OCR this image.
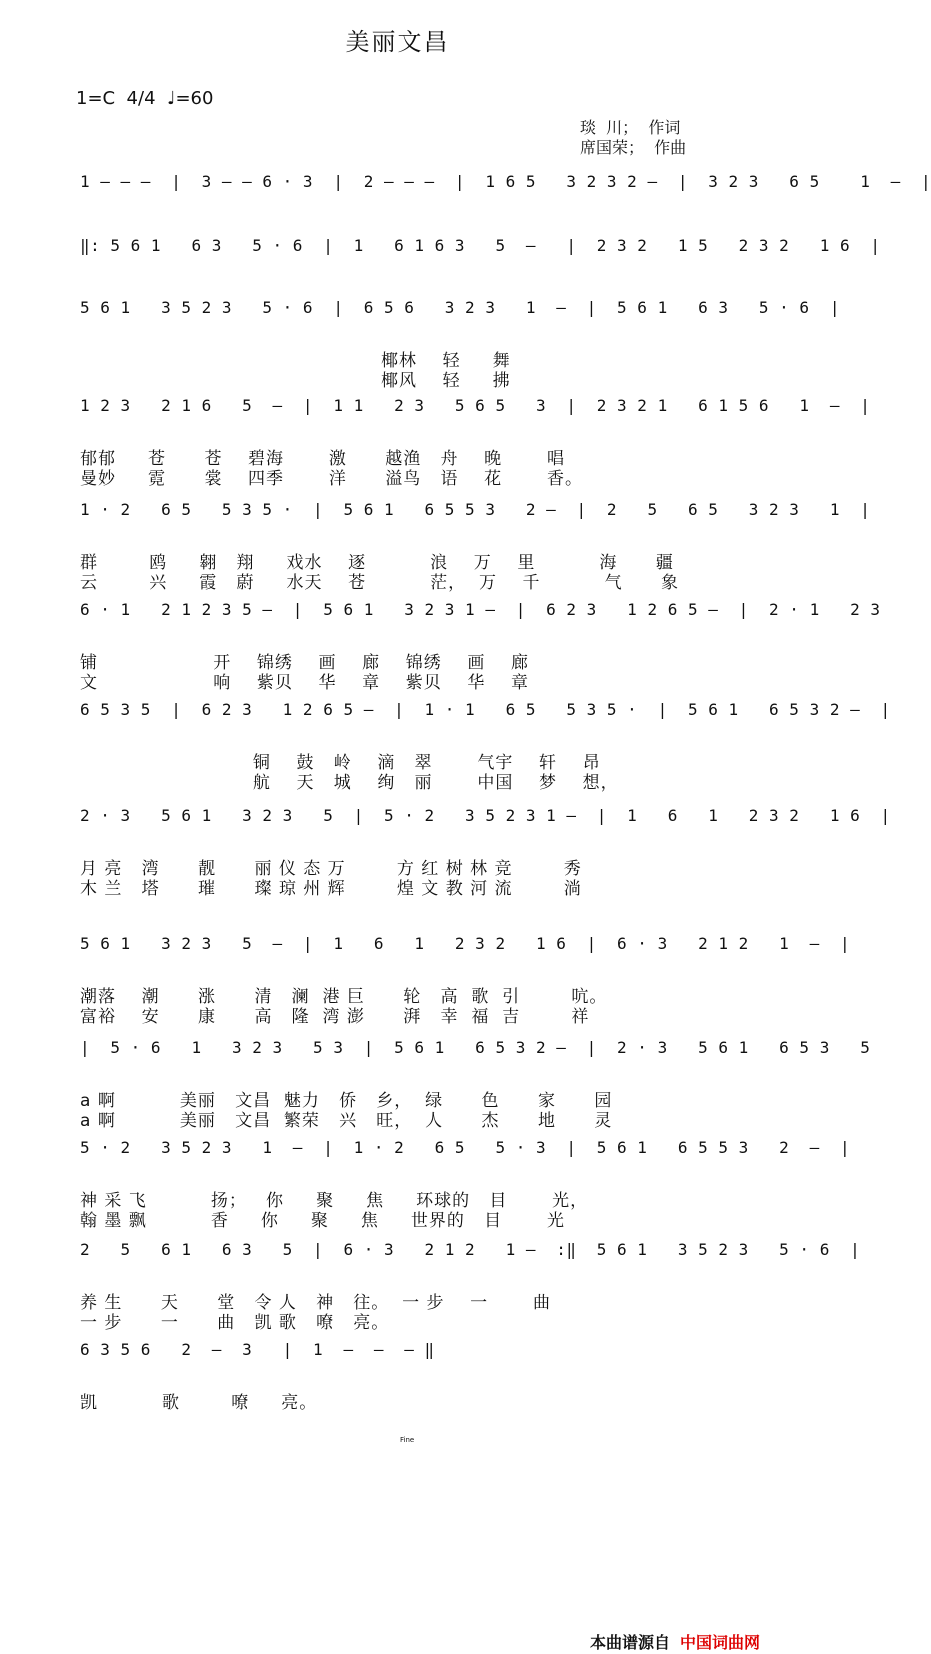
美丽文昌
1=C  4/4  ♩=60
琰  川；  作词
席国荣；  作曲
1 — — —  |  3 — — 6 · 3  |  2 — — —  |  1 6 5   3 2 3 2 —  |  3 2 3   6 5    1  —  |
‖: 5 6 1   6 3   5 · 6  |  1   6 1 6 3   5  —   |  2 3 2   1 5   2 3 2   1 6  |
5 6 1   3 5 2 3   5 · 6  |  6 5 6   3 2 3   1  —  |  5 6 1   6 3   5 · 6  |
椰林    轻     舞
椰风    轻     拂
1 2 3   2 1 6   5  —  |  1 1   2 3   5 6 5   3  |  2 3 2 1   6 1 5 6   1  —  |
郁郁     苍      苍    碧海       激      越渔   舟    晚       唱
曼妙     霓      裳    四季       洋      溢鸟   语    花       香。
1 · 2   6 5   5 3 5 ·  |  5 6 1   6 5 5 3   2 —  |  2   5   6 5   3 2 3   1  |
群        鸥     翱   翔     戏水    逐          浪    万    里          海      疆
云        兴     霞   蔚     水天    苍          茫，  万    千          气      象
6 · 1   2 1 2 3 5 —  |  5 6 1   3 2 3 1 —  |  6 2 3   1 2 6 5 —  |  2 · 1   2 3
铺                  开    锦绣    画    廊    锦绣    画    廊
文                  响    紫贝    华    章    紫贝    华    章
6 5 3 5  |  6 2 3   1 2 6 5 —  |  1 · 1   6 5   5 3 5 ·  |  5 6 1   6 5 3 2 —  |
铜    鼓   岭    滴   翠       气宇    轩    昂
航    天   城    绚   丽       中国    梦    想，
2 · 3   5 6 1   3 2 3   5  |  5 · 2   3 5 2 3 1 —  |  1   6   1   2 3 2   1 6  |
月 亮   湾      靓      丽 仪 态 万        方 红 树 林 竞        秀
木 兰   塔      璀      璨 琼 州 辉        煌 文 教 河 流        淌
5 6 1   3 2 3   5  —  |  1   6   1   2 3 2   1 6  |  6 · 3   2 1 2   1  —  |
潮落    潮      涨      清   澜  港 巨      轮   高  歌  引        吭。
富裕    安      康      高   隆  湾 澎      湃   幸  福  吉        祥
|  5 · 6   1   3 2 3   5 3  |  5 6 1   6 5 3 2 —  |  2 · 3   5 6 1   6 5 3   5
a 啊          美丽   文昌  魅力   侨   乡，  绿      色      家      园
a 啊          美丽   文昌  繁荣   兴   旺，  人      杰      地      灵
5 · 2   3 5 2 3   1  —  |  1 · 2   6 5   5 · 3  |  5 6 1   6 5 5 3   2  —  |
神 采 飞          扬；   你     聚     焦     环球的   目       光，
翰 墨 飘          香     你     聚     焦     世界的   目       光
2   5   6 1   6 3   5  |  6 · 3   2 1 2   1 —  :‖  5 6 1   3 5 2 3   5 · 6  |
养 生      天      堂   令 人   神   往。  一 步    一       曲
一 步      一      曲   凯 歌   嘹   亮。
6 3 5 6   2  —  3   |  1  —  —  — ‖
凯          歌        嘹     亮。
Fine
本曲谱源自 中国词曲网
